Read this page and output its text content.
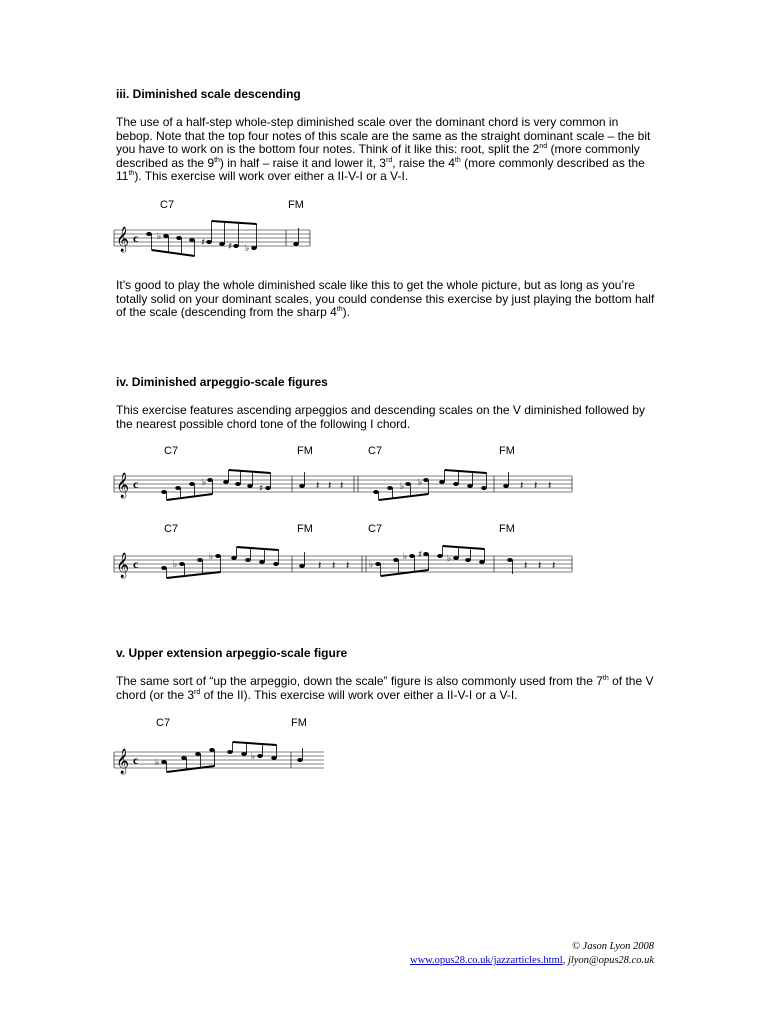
iii. Diminished scale descending
The use of a half-step whole-step diminished scale over the dominant chord is very common in bebop. Note that the top four notes of this scale are the same as the straight dominant scale – the bit you have to work on is the bottom four notes. Think of it like this: root, split the 2nd (more commonly described as the 9th) in half – raise it and lower it, 3rd, raise the 4th (more commonly described as the 11th). This exercise will work over either a II-V-I or a V-I.
C7	FM
𝄞 c ♭
♯	♯ ♭
It’s good to play the whole diminished scale like this to get the whole picture, but as long as you’re totally solid on your dominant scales, you could condense this exercise by just playing the bottom half of the scale (descending from the sharp 4th).
iv. Diminished arpeggio-scale figures
This exercise features ascending arpeggios and descending scales on the V diminished followed by the nearest possible chord tone of the following I chord.
C7	FM	C7	FM
𝄞 c	♭
♯	♭ ♭
𝄽 𝄽 𝄽	𝄽 𝄽 𝄽
C7	FM	C7	FM
𝄞 c	♭
♭
♭
♭ ♯	♭
𝄽 𝄽 𝄽	𝄽 𝄽 𝄽
v. Upper extension arpeggio-scale figure
The same sort of “up the arpeggio, down the scale” figure is also commonly used from the 7th of the V chord (or the 3rd of the II). This exercise will work over either a II-V-I or a V-I.
C7	FM
𝄞 c ♭
♭
© Jason Lyon 2008
www.opus28.co.uk/jazzarticles.html, jlyon@opus28.co.uk
